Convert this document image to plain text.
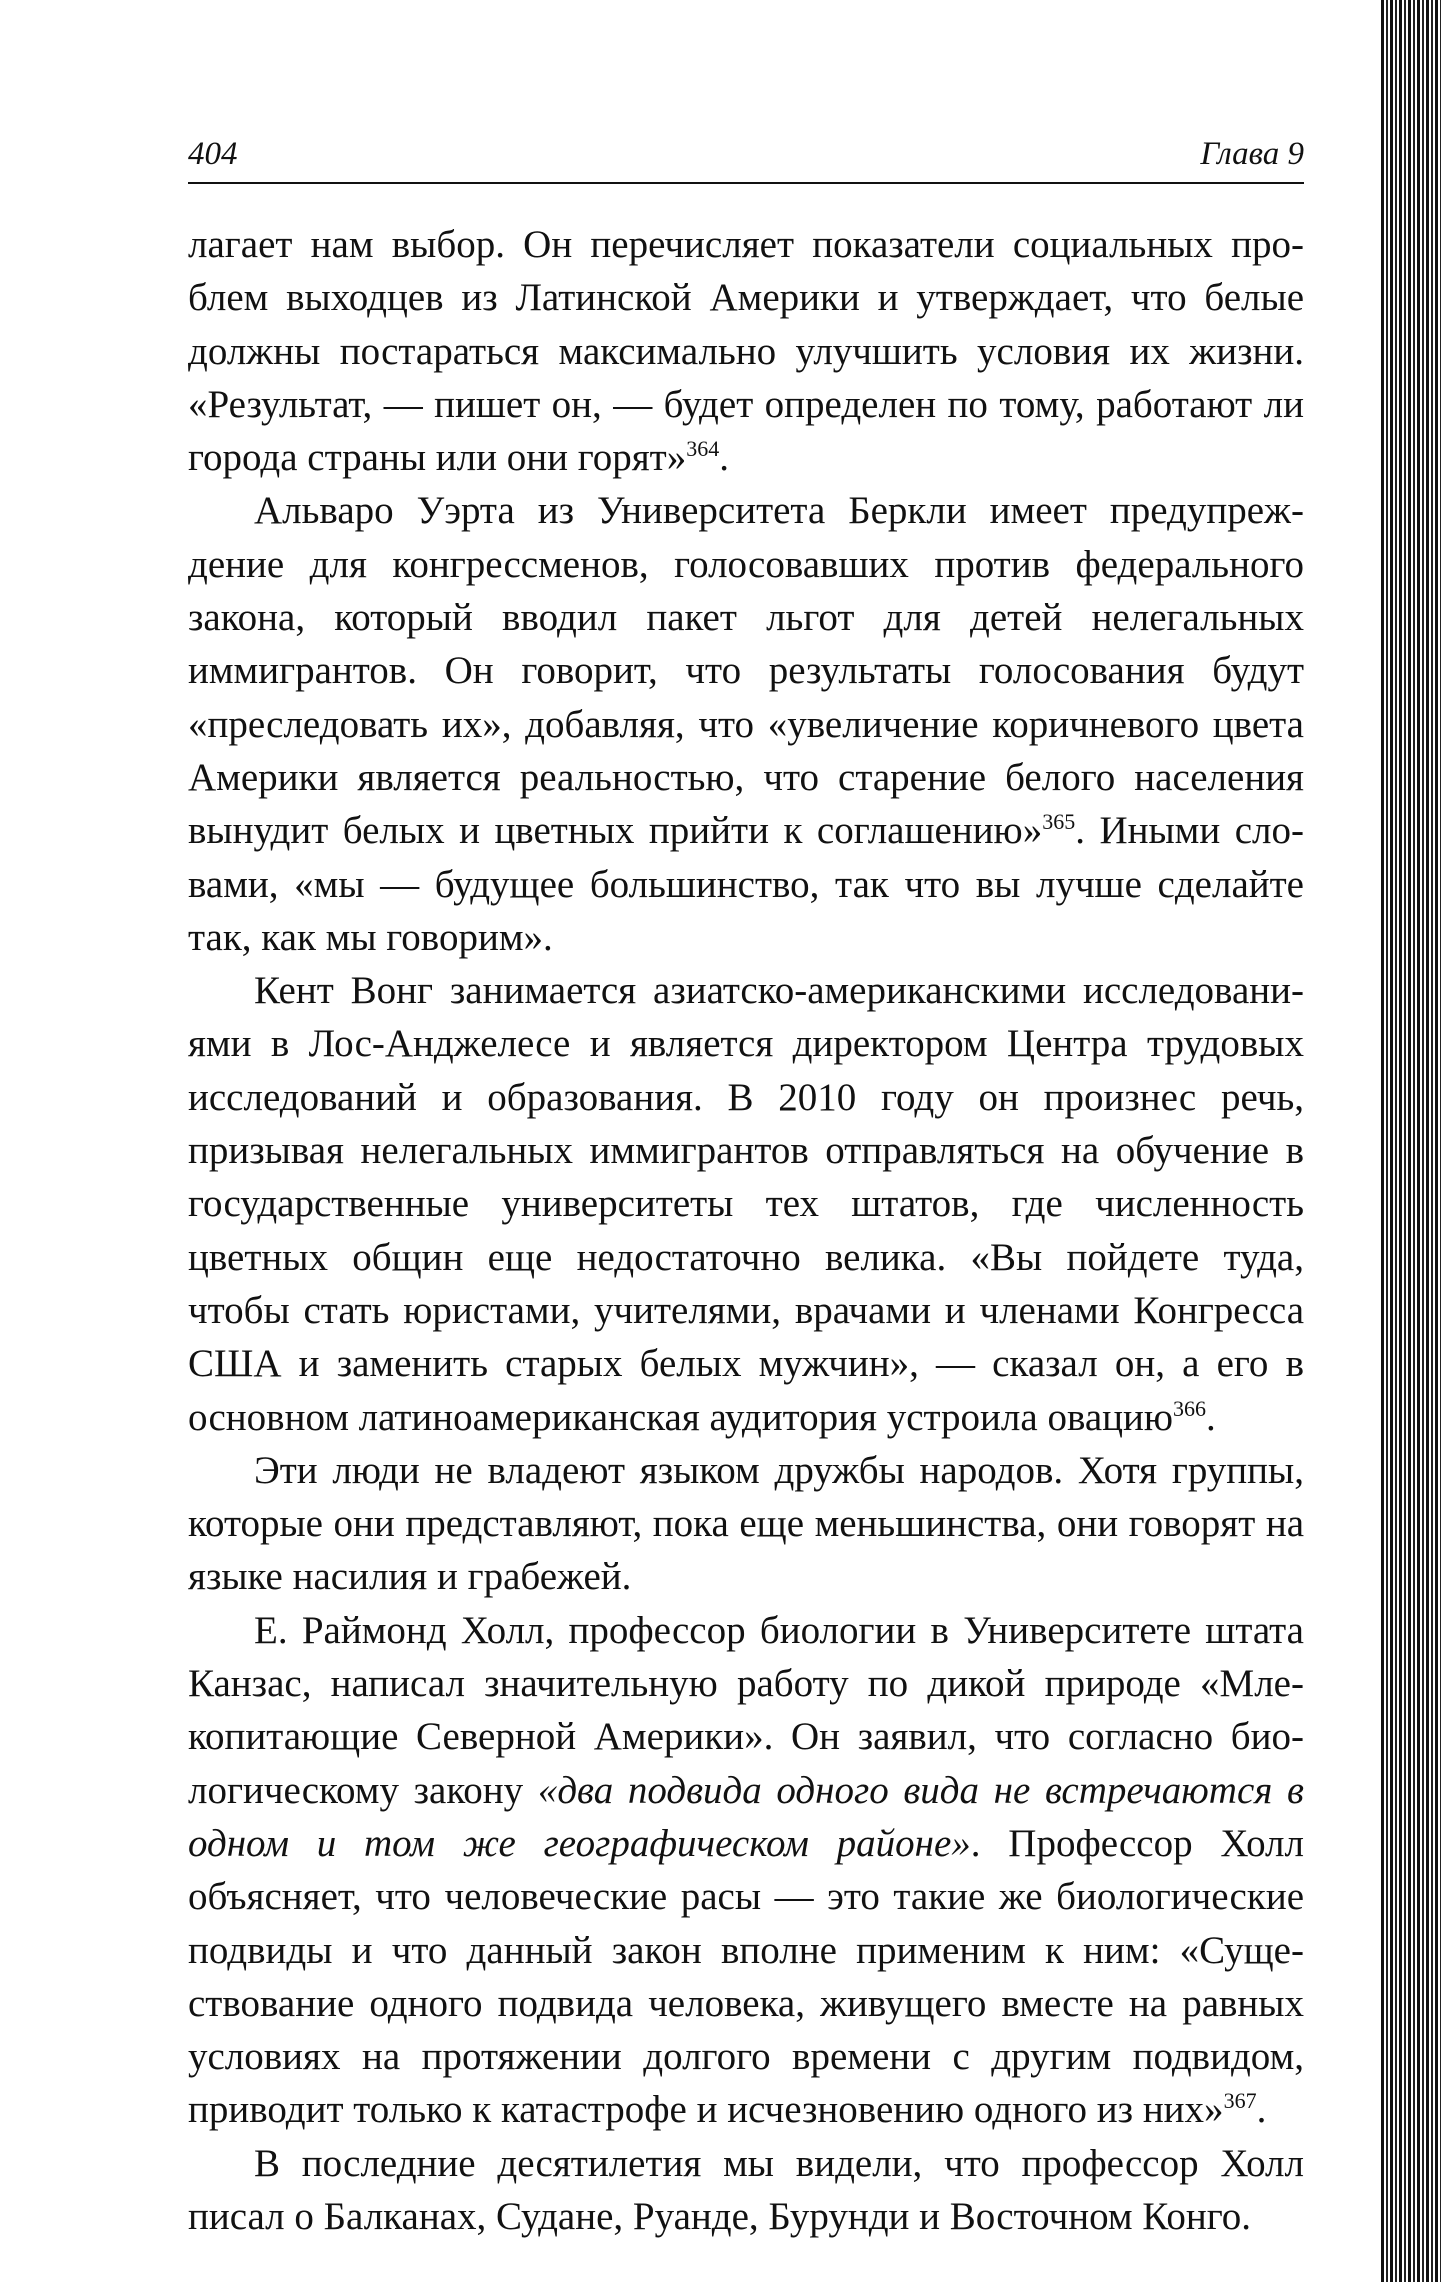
404	Глава 9

лагает нам выбор. Он перечисляет показатели социальных проблем выходцев из Латинской Америки и утверждает, что белые должны постараться максимально улучшить условия их жизни. «Результат, — пишет он, — будет определен по тому, работают ли города страны или они горят»$^{364}$.

Альваро Уэрта из Университета Беркли имеет предупреждение для конгрессменов, голосовавших против федерального закона, который вводил пакет льгот для детей нелегальных иммигрантов. Он говорит, что результаты голосования будут «преследовать их», добавляя, что «увеличение коричневого цвета Америки является реальностью, что старение белого населения вынудит белых и цветных прийти к соглашению»$^{365}$. Иными словами, «мы — будущее большинство, так что вы лучше сделайте так, как мы говорим».

Кент Вонг занимается азиатско-американскими исследованиями в Лос-Анджелесе и является директором Центра трудовых исследований и образования. В 2010 году он произнес речь, призывая нелегальных иммигрантов отправляться на обучение в государственные университеты тех штатов, где численность цветных общин еще недостаточно велика. «Вы пойдете туда, чтобы стать юристами, учителями, врачами и членами Конгресса США и заменить старых белых мужчин», — сказал он, а его в основном латиноамериканская аудитория устроила овацию$^{366}$.

Эти люди не владеют языком дружбы народов. Хотя группы, которые они представляют, пока еще меньшинства, они говорят на языке насилия и грабежей.

Е. Раймонд Холл, профессор биологии в Университете штата Канзас, написал значительную работу по дикой природе «Млекопитающие Северной Америки». Он заявил, что согласно биологическому закону «два подвида одного вида не встречаются в одном и том же географическом районе». Профессор Холл объясняет, что человеческие расы — это такие же биологические подвиды и что данный закон вполне применим к ним: «Существование одного подвида человека, живущего вместе на равных условиях на протяжении долгого времени с другим подвидом, приводит только к катастрофе и исчезновению одного из них»$^{367}$.

В последние десятилетия мы видели, что профессор Холл писал о Балканах, Судане, Руанде, Бурунди и Восточном Конго.
